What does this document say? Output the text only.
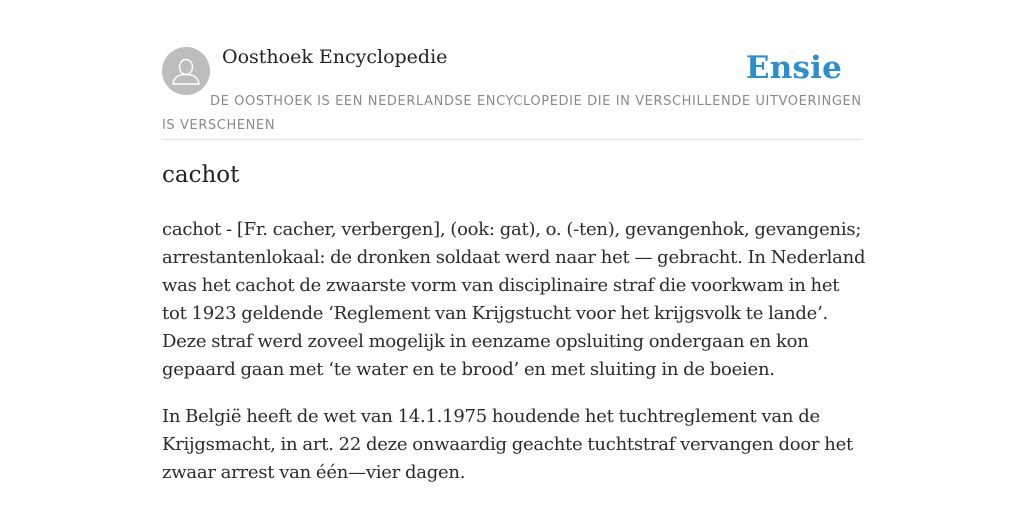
Oosthoek Encyclopedie	Ensie
DE OOSTHOEK IS EEN NEDERLANDSE ENCYCLOPEDIE DIE IN VERSCHILLENDE UITVOERINGEN IS VERSCHENEN
cachot

cachot - [Fr. cacher, verbergen], (ook: gat), o. (-ten), gevangenhok, gevangenis; arrestantenlokaal: de dronken soldaat werd naar het — gebracht. In Nederland was het cachot de zwaarste vorm van disciplinaire straf die voorkwam in het tot 1923 geldende ‘Reglement van Krijgstucht voor het krijgsvolk te lande’. Deze straf werd zoveel mogelijk in eenzame opsluiting ondergaan en kon gepaard gaan met ‘te water en te brood’ en met sluiting in de boeien.

In België heeft de wet van 14.1.1975 houdende het tuchtreglement van de Krijgsmacht, in art. 22 deze onwaardig geachte tuchtstraf vervangen door het zwaar arrest van één—vier dagen.
